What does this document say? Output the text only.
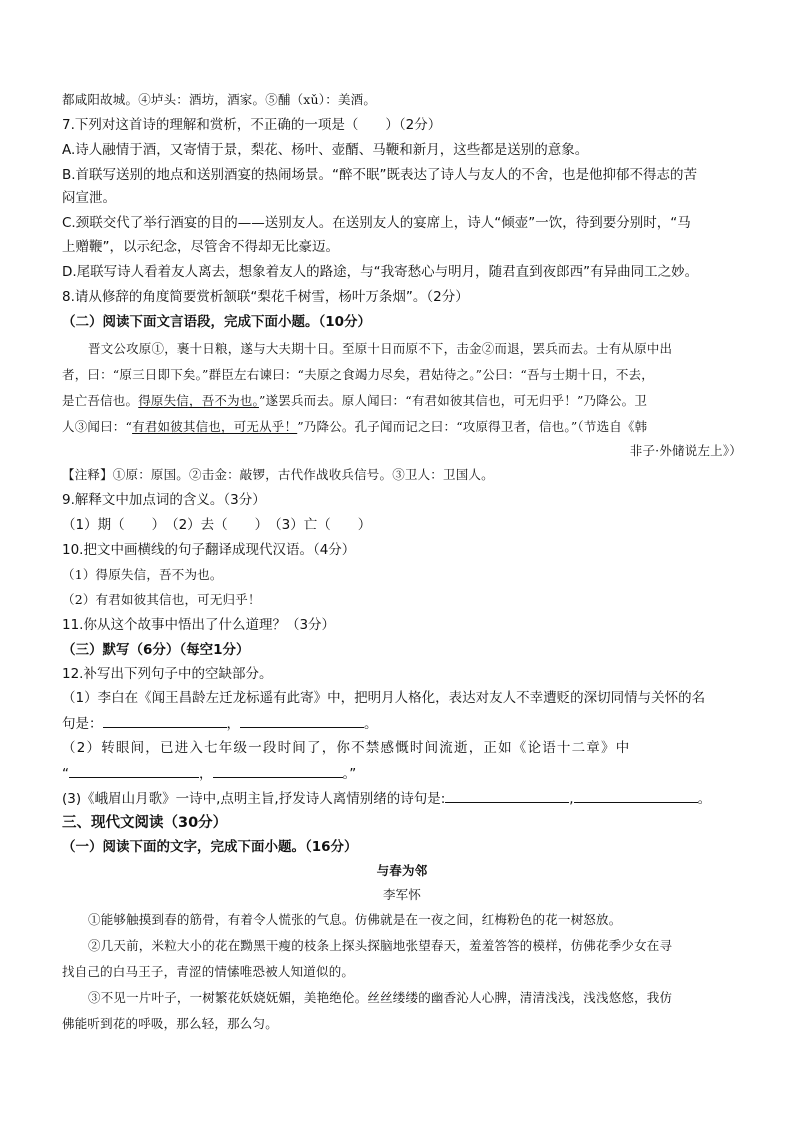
都咸阳故城。④垆头：酒坊，酒家。⑤酺（xǔ）：美酒。
7.下列对这首诗的理解和赏析，不正确的一项是（　　）（2分）
A.诗人融情于酒，又寄情于景，梨花、杨叶、壶醑、马鞭和新月，这些都是送别的意象。
B.首联写送别的地点和送别酒宴的热闹场景。“醉不眠”既表达了诗人与友人的不舍，也是他抑郁不得志的苦
闷宣泄。
C.颈联交代了举行酒宴的目的——送别友人。在送别友人的宴席上，诗人“倾壶”一饮，待到要分别时，“马
上赠鞭”，以示纪念，尽管舍不得却无比豪迈。
D.尾联写诗人看着友人离去，想象着友人的路途，与“我寄愁心与明月，随君直到夜郎西”有异曲同工之妙。
8.请从修辞的角度简要赏析颔联“梨花千树雪，杨叶万条烟”。（2分）
（二）阅读下面文言语段，完成下面小题。（10分）
晋文公攻原①，裹十日粮，遂与大夫期十日。至原十日而原不下，击金②而退，罢兵而去。士有从原中出
者，曰：“原三日即下矣。”群臣左右谏曰：“夫原之食竭力尽矣，君姑待之。”公曰：“吾与士期十日，不去，
是亡吾信也。得原失信，吾不为也。”遂罢兵而去。原人闻曰：“有君如彼其信也，可无归乎！”乃降公。卫
人③闻曰：“有君如彼其信也，可无从乎！”乃降公。孔子闻而记之曰：“攻原得卫者，信也。”（节选自《韩
非子·外储说左上》）
【注释】①原：原国。②击金：敲锣，古代作战收兵信号。③卫人：卫国人。
9.解释文中加点词的含义。（3分）
（1）期（　　）　（2）去（　　）　（3）亡（　　）
10.把文中画横线的句子翻译成现代汉语。（4分）
（1）得原失信，吾不为也。
（2）有君如彼其信也，可无归乎！
11.你从这个故事中悟出了什么道理？（3分）
（三）默写（6分）（每空1分）
12.补写出下列句子中的空缺部分。
（1）李白在《闻王昌龄左迁龙标遥有此寄》中，把明月人格化，表达对友人不幸遭贬的深切同情与关怀的名
句是：	，	。
（2）转眼间，已进入七年级一段时间了，你不禁感慨时间流逝，正如《论语十二章》中
“	，	。”
(3)《峨眉山月歌》一诗中,点明主旨,抒发诗人离情别绪的诗句是:	,	。
三、现代文阅读（30分）
（一）阅读下面的文字，完成下面小题。（16分）
与春为邻
李军怀
①能够触摸到春的筋骨，有着令人慌张的气息。仿佛就是在一夜之间，红梅粉色的花一树怒放。
②几天前，米粒大小的花在黝黑干瘦的枝条上探头探脑地张望春天，羞羞答答的模样，仿佛花季少女在寻
找自己的白马王子，青涩的情愫唯恐被人知道似的。
③不见一片叶子，一树繁花妖娆妩媚，美艳绝伦。丝丝缕缕的幽香沁人心脾，清清浅浅，浅浅悠悠，我仿
佛能听到花的呼吸，那么轻，那么匀。
